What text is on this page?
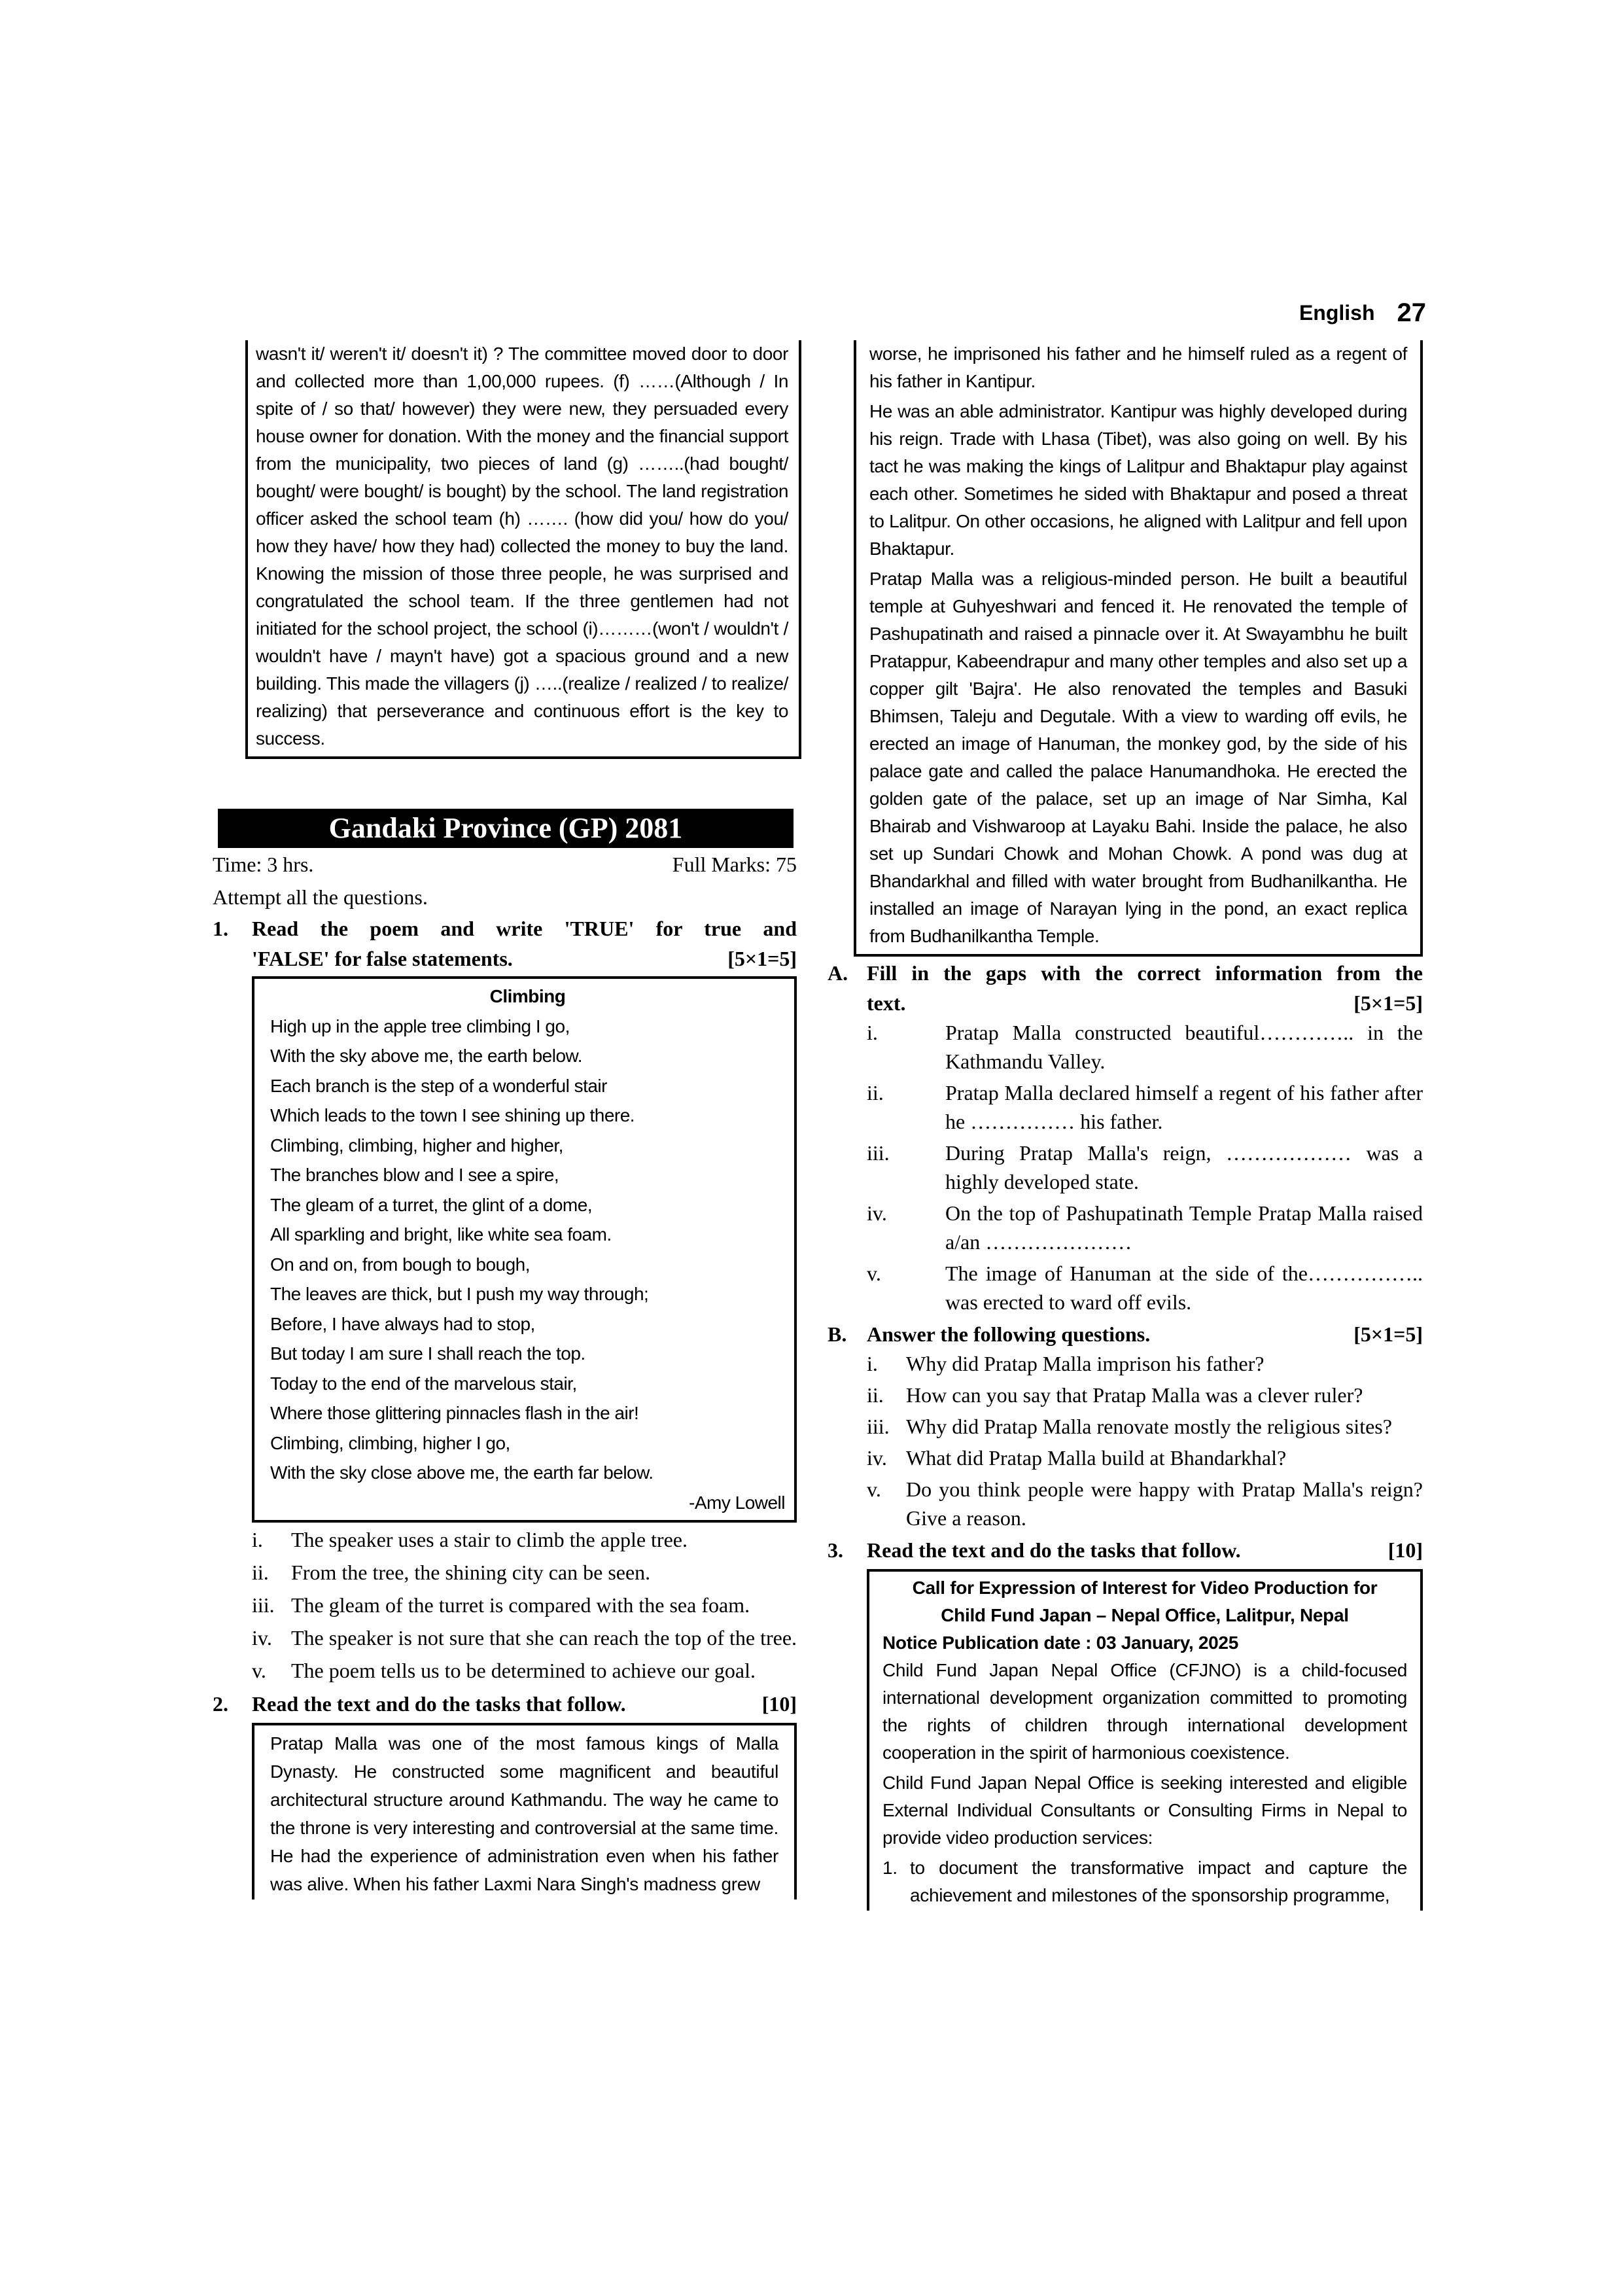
English 27

wasn't it/ weren't it/ doesn't it) ? The committee moved door to door and collected more than 1,00,000 rupees. (f) ……(Although / In spite of / so that/ however) they were new, they persuaded every house owner for donation. With the money and the financial support from the municipality, two pieces of land (g) ……..(had bought/ bought/ were bought/ is bought) by the school. The land registration officer asked the school team (h) ……. (how did you/ how do you/ how they have/ how they had) collected the money to buy the land. Knowing the mission of those three people, he was surprised and congratulated the school team. If the three gentlemen had not initiated for the school project, the school (i)………(won't / wouldn't / wouldn't have / mayn't have) got a spacious ground and a new building. This made the villagers (j) …..(realize / realized / to realize/ realizing) that perseverance and continuous effort is the key to success.

Gandaki Province (GP) 2081
Time: 3 hrs.	Full Marks: 75
Attempt all the questions.
1.	Read the poem and write 'TRUE' for true and
'FALSE' for false statements.	[5×1=5]
Climbing
High up in the apple tree climbing I go,
With the sky above me, the earth below.
Each branch is the step of a wonderful stair
Which leads to the town I see shining up there.
Climbing, climbing, higher and higher,
The branches blow and I see a spire,
The gleam of a turret, the glint of a dome,
All sparkling and bright, like white sea foam.
On and on, from bough to bough,
The leaves are thick, but I push my way through;
Before, I have always had to stop,
But today I am sure I shall reach the top.
Today to the end of the marvelous stair,
Where those glittering pinnacles flash in the air!
Climbing, climbing, higher I go,
With the sky close above me, the earth far below.
-Amy Lowell
i.	The speaker uses a stair to climb the apple tree.
ii.	From the tree, the shining city can be seen.
iii. The gleam of the turret is compared with the sea foam.
iv. The speaker is not sure that she can reach the top of the tree.
v.	The poem tells us to be determined to achieve our goal.
2.	Read the text and do the tasks that follow.	[10]

Pratap Malla was one of the most famous kings of Malla Dynasty. He constructed some magnificent and beautiful architectural structure around Kathmandu. The way he came to the throne is very interesting and controversial at the same time. He had the experience of administration even when his father was alive. When his father Laxmi Nara Singh's madness grew

worse, he imprisoned his father and he himself ruled as a regent of his father in Kantipur.

He was an able administrator. Kantipur was highly developed during his reign. Trade with Lhasa (Tibet), was also going on well. By his tact he was making the kings of Lalitpur and Bhaktapur play against each other. Sometimes he sided with Bhaktapur and posed a threat to Lalitpur. On other occasions, he aligned with Lalitpur and fell upon Bhaktapur.

Pratap Malla was a religious-minded person. He built a beautiful temple at Guhyeshwari and fenced it. He renovated the temple of Pashupatinath and raised a pinnacle over it. At Swayambhu he built Pratappur, Kabeendrapur and many other temples and also set up a copper gilt 'Bajra'. He also renovated the temples and Basuki Bhimsen, Taleju and Degutale. With a view to warding off evils, he erected an image of Hanuman, the monkey god, by the side of his palace gate and called the palace Hanumandhoka. He erected the golden gate of the palace, set up an image of Nar Simha, Kal Bhairab and Vishwaroop at Layaku Bahi. Inside the palace, he also set up Sundari Chowk and Mohan Chowk. A pond was dug at Bhandarkhal and filled with water brought from Budhanilkantha. He installed an image of Narayan lying in the pond, an exact replica from Budhanilkantha Temple.

A. Fill in the gaps with the correct information from the
text.	[5×1=5]
i.	Pratap Malla constructed beautiful………….. in the Kathmandu Valley.
ii.	Pratap Malla declared himself a regent of his father after he …………… his father.
iii.	During Pratap Malla's reign, ……………… was a highly developed state.
iv.	On the top of Pashupatinath Temple Pratap Malla raised a/an …………………
v.	The image of Hanuman at the side of the…………….. was erected to ward off evils.
B. Answer the following questions.	[5×1=5]
i.	Why did Pratap Malla imprison his father?
ii.	How can you say that Pratap Malla was a clever ruler?
iii. Why did Pratap Malla renovate mostly the religious sites?
iv. What did Pratap Malla build at Bhandarkhal?
v.	Do you think people were happy with Pratap Malla's reign? Give a reason.
3.	Read the text and do the tasks that follow.	[10]
Call for Expression of Interest for Video Production for
Child Fund Japan – Nepal Office, Lalitpur, Nepal
Notice Publication date : 03 January, 2025

Child Fund Japan Nepal Office (CFJNO) is a child-focused international development organization committed to promoting the rights of children through international development cooperation in the spirit of harmonious coexistence.

Child Fund Japan Nepal Office is seeking interested and eligible External Individual Consultants or Consulting Firms in Nepal to provide video production services:

1. to document the transformative impact and capture the achievement and milestones of the sponsorship programme,
